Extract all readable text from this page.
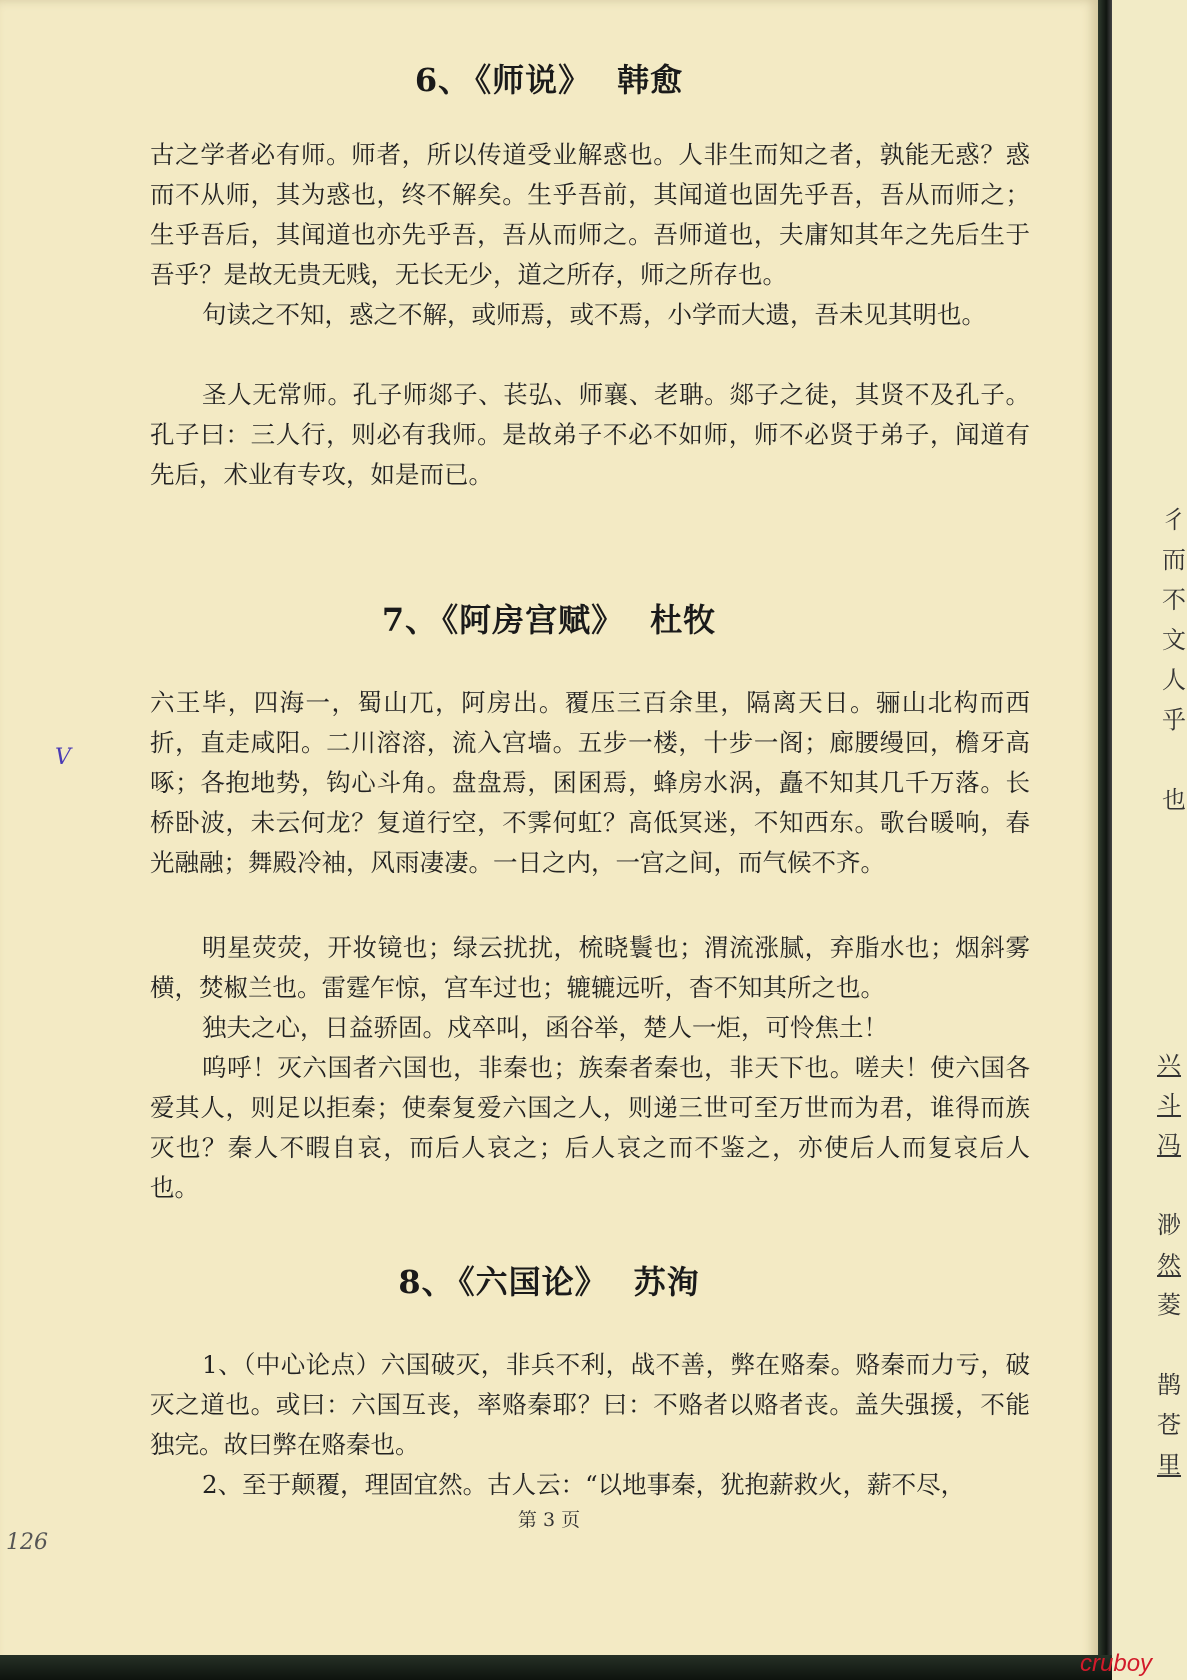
6、 《师说》 韩愈

古之学者必有师。师者，所以传道受业解惑也。人非生而知之者，孰能无惑？惑而不从师，其为惑也，终不解矣。生乎吾前，其闻道也固先乎吾，吾从而师之；生乎吾后，其闻道也亦先乎吾，吾从而师之。吾师道也，夫庸知其年之先后生于吾乎？是故无贵无贱，无长无少，道之所存，师之所存也。

句读之不知，惑之不解，或师焉，或不焉，小学而大遗，吾未见其明也。

圣人无常师。孔子师郯子、苌弘、师襄、老聃。郯子之徒，其贤不及孔子。孔子曰：三人行，则必有我师。是故弟子不必不如师，师不必贤于弟子，闻道有先后，术业有专攻，如是而已。

7、 《阿房宫赋》 杜牧

六王毕，四海一，蜀山兀，阿房出。覆压三百余里，隔离天日。骊山北构而西折，直走咸阳。二川溶溶，流入宫墙。五步一楼，十步一阁；廊腰缦回，檐牙高啄；各抱地势，钩心斗角。盘盘焉，囷囷焉，蜂房水涡，矗不知其几千万落。长桥卧波，未云何龙？复道行空，不霁何虹？高低冥迷，不知西东。歌台暖响，春光融融；舞殿冷袖，风雨凄凄。一日之内，一宫之间，而气候不齐。

明星荧荧，开妆镜也；绿云扰扰，梳晓鬟也；渭流涨腻，弃脂水也；烟斜雾横，焚椒兰也。雷霆乍惊，宫车过也；辘辘远听，杳不知其所之也。

独夫之心，日益骄固。戍卒叫，函谷举，楚人一炬，可怜焦土！

呜呼！灭六国者六国也，非秦也；族秦者秦也，非天下也。嗟夫！使六国各爱其人，则足以拒秦；使秦复爱六国之人，则递三世可至万世而为君，谁得而族灭也？秦人不暇自哀，而后人哀之；后人哀之而不鉴之，亦使后人而复哀后人也。

8、 《六国论》 苏洵

1、（中心论点）六国破灭，非兵不利，战不善，弊在赂秦。赂秦而力亏，破灭之道也。或曰：六国互丧，率赂秦耶？曰：不赂者以赂者丧。盖失强援，不能独完。故曰弊在赂秦也。

2、至于颠覆，理固宜然。古人云：“以地事秦，犹抱薪救火，薪不尽，

第 3 页
V
126
彳
而
不
文
人
乎
也
兴
斗
冯
渺
然
菱
鹊
苍
里
cruboy
